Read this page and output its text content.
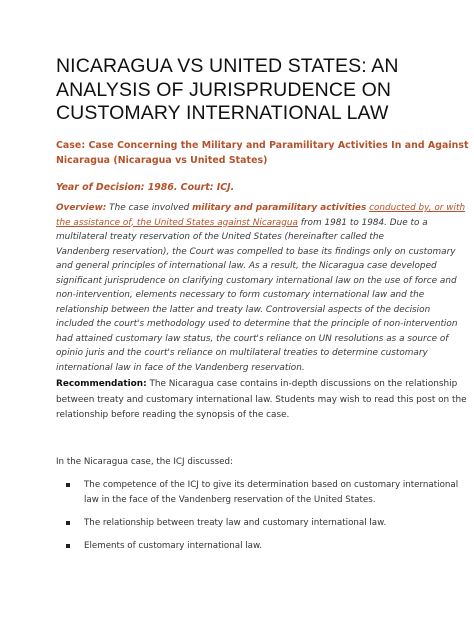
NICARAGUA VS UNITED STATES: AN
ANALYSIS OF JURISPRUDENCE ON
CUSTOMARY INTERNATIONAL LAW
Case: Case Concerning the Military and Paramilitary Activities In and Against
Nicaragua (Nicaragua vs United States)
Year of Decision: 1986. Court: ICJ.
Overview: The case involved military and paramilitary activities conducted by, or with
the assistance of, the United States against Nicaragua from 1981 to 1984. Due to a
multilateral treaty reservation of the United States (hereinafter called the
Vandenberg reservation), the Court was compelled to base its findings only on customary
and general principles of international law. As a result, the Nicaragua case developed
significant jurisprudence on clarifying customary international law on the use of force and
non-intervention, elements necessary to form customary international law and the
relationship between the latter and treaty law. Controversial aspects of the decision
included the court's methodology used to determine that the principle of non-intervention
had attained customary law status, the court's reliance on UN resolutions as a source of
opinio juris and the court's reliance on multilateral treaties to determine customary
international law in face of the Vandenberg reservation.
Recommendation: The Nicaragua case contains in-depth discussions on the relationship
between treaty and customary international law. Students may wish to read this post on the
relationship before reading the synopsis of the case.
In the Nicaragua case, the ICJ discussed:
The competence of the ICJ to give its determination based on customary international
law in the face of the Vandenberg reservation of the United States.
The relationship between treaty law and customary international law.
Elements of customary international law.
